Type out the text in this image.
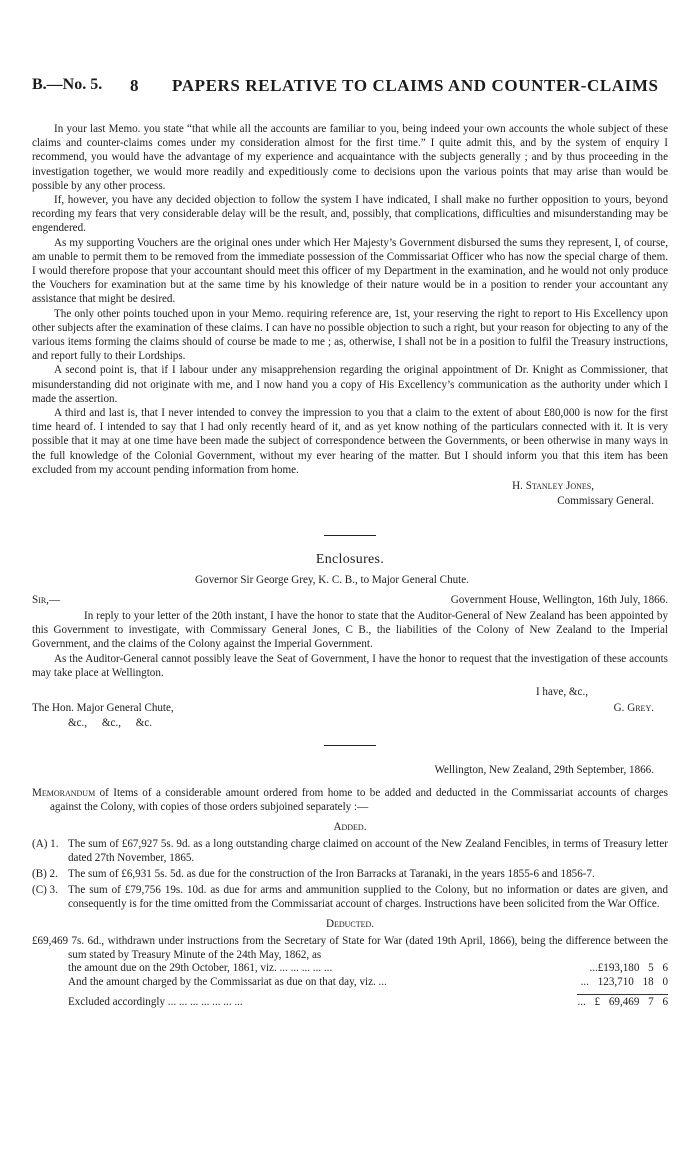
B.—No. 5. 8 PAPERS RELATIVE TO CLAIMS AND COUNTER-CLAIMS

In your last Memo. you state “that while all the accounts are familiar to you, being indeed your own accounts the whole subject of these claims and counter-claims comes under my consideration almost for the first time.” I quite admit this, and by the system of enquiry I recommend, you would have the advantage of my experience and acquaintance with the subjects generally ; and by thus proceeding in the investigation together, we would more readily and expeditiously come to decisions upon the various points that may arise than would be possible by any other process.

If, however, you have any decided objection to follow the system I have indicated, I shall make no further opposition to yours, beyond recording my fears that very considerable delay will be the result, and, possibly, that complications, difficulties and misunderstanding may be engendered.

As my supporting Vouchers are the original ones under which Her Majesty’s Government disbursed the sums they represent, I, of course, am unable to permit them to be removed from the immediate possession of the Commissariat Officer who has now the special charge of them. I would therefore propose that your accountant should meet this officer of my Department in the examination, and he would not only produce the Vouchers for examination but at the same time by his knowledge of their nature would be in a position to render your accountant any assistance that might be desired.

The only other points touched upon in your Memo. requiring reference are, 1st, your reserving the right to report to His Excellency upon other subjects after the examination of these claims. I can have no possible objection to such a right, but your reason for objecting to any of the various items forming the claims should of course be made to me ; as, otherwise, I shall not be in a position to fulfil the Treasury instructions, and report fully to their Lordships.

A second point is, that if I labour under any misapprehension regarding the original appointment of Dr. Knight as Commissioner, that misunderstanding did not originate with me, and I now hand you a copy of His Excellency’s communication as the authority under which I made the assertion.

A third and last is, that I never intended to convey the impression to you that a claim to the extent of about £80,000 is now for the first time heard of. I intended to say that I had only recently heard of it, and as yet know nothing of the particulars connected with it. It is very possible that it may at one time have been made the subject of correspondence between the Governments, or been otherwise in many ways in the full knowledge of the Colonial Government, without my ever hearing of the matter. But I should inform you that this item has been excluded from my account pending information from home.

H. Stanley Jones,
Commissary General.
Enclosures.
Governor Sir George Grey, K. C. B., to Major General Chute.
Sir,—	Government House, Wellington, 16th July, 1866.

In reply to your letter of the 20th instant, I have the honor to state that the Auditor-General of New Zealand has been appointed by this Government to investigate, with Commissary General Jones, C B., the liabilities of the Colony of New Zealand to the Imperial Government, and the claims of the Colony against the Imperial Government.

As the Auditor-General cannot possibly leave the Seat of Government, I have the honor to request that the investigation of these accounts may take place at Wellington.

I have, &c.,
The Hon. Major General Chute,	G. Grey.
&c., &c., &c.
Wellington, New Zealand, 29th September, 1866.
Memorandum of Items of a considerable amount ordered from home to be added and deducted in the Commissariat accounts of charges against the Colony, with copies of those orders subjoined separately :—
Added.
(A) 1. The sum of £67,927 5s. 9d. as a long outstanding charge claimed on account of the New Zealand Fencibles, in terms of Treasury letter dated 27th November, 1865.
(B) 2. The sum of £6,931 5s. 5d. as due for the construction of the Iron Barracks at Taranaki, in the years 1855-6 and 1856-7.
(C) 3. The sum of £79,756 19s. 10d. as due for arms and ammunition supplied to the Colony, but no information or dates are given, and consequently is for the time omitted from the Commissariat account of charges. Instructions have been solicited from the War Office.
Deducted.
£69,469 7s. 6d., withdrawn under instructions from the Secretary of State for War (dated 19th April, 1866), being the difference between the sum stated by Treasury Minute of the 24th May, 1862, as
the amount due on the 29th October, 1861, viz. ... ... ... ... ...	...£193,180 5 6
And the amount charged by the Commissariat as due on that day, viz. ...	... 123,710 18 0
Excluded accordingly ... ... ... ... ... ... ...	... £ 69,469 7 6
